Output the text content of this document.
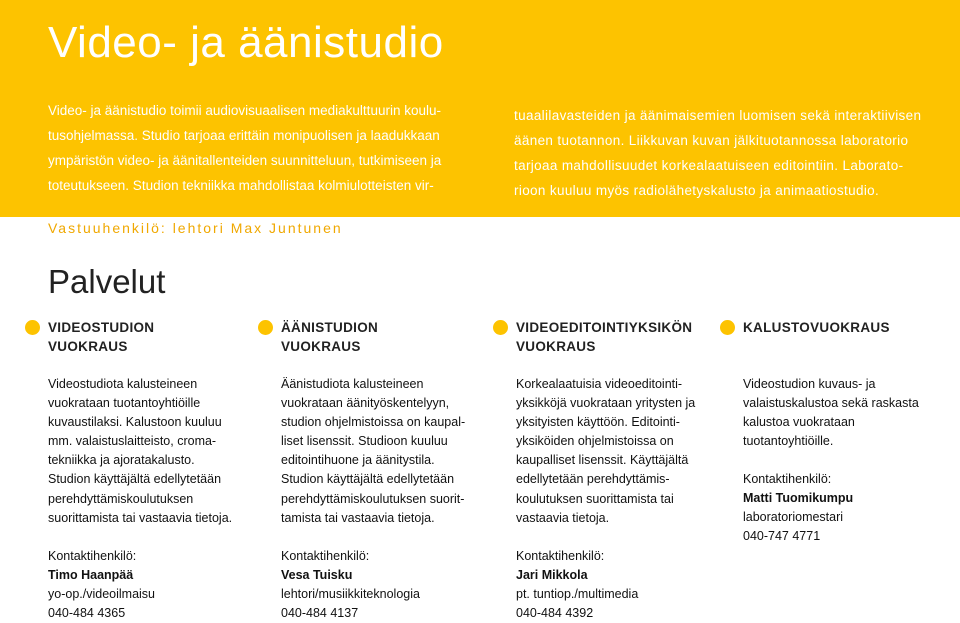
Video- ja äänistudio

Video- ja äänistudio toimii audiovisuaalisen mediakulttuurin koulu-
tusohjelmassa. Studio tarjoaa erittäin monipuolisen ja laadukkaan
ympäristön video- ja äänitallenteiden suunnitteluun, tutkimiseen ja
toteutukseen. Studion tekniikka mahdollistaa kolmiulotteisten vir-

tuaalilavasteiden ja äänimaisemien luomisen sekä interaktiivisen
äänen tuotannon. Liikkuvan kuvan jälkituotannossa laboratorio
tarjoaa mahdollisuudet korkealaatuiseen editointiin. Laborato-
rioon kuuluu myös radiolähetyskalusto ja animaatiostudio.

Vastuuhenkilö: lehtori Max Juntunen

Palvelut

VIDEOSTUDION
VUOKRAUS

Videostudiota kalusteineen
vuokrataan tuotantoyhtiöille
kuvaustilaksi. Kalustoon kuuluu
mm. valaistuslaitteisto, croma-
tekniikka ja ajoratakalusto.
Studion käyttäjältä edellytetään
perehdyttämiskoulutuksen
suorittamista tai vastaavia tietoja.

Kontaktihenkilö:

Timo Haanpää

yo-op./videoilmaisu

040-484 4365

ÄÄNISTUDION
VUOKRAUS

Äänistudiota kalusteineen
vuokrataan äänityöskentelyyn,
studion ohjelmistoissa on kaupal-
liset lisenssit. Studioon kuuluu
editointihuone ja äänitystila.
Studion käyttäjältä edellytetään
perehdyttämiskoulutuksen suorit-
tamista tai vastaavia tietoja.

Kontaktihenkilö:

Vesa Tuisku

lehtori/musiikkiteknologia

040-484 4137

VIDEOEDITOINTIYKSIKÖN
VUOKRAUS

Korkealaatuisia videoeditointi-
yksikköjä vuokrataan yritysten ja
yksityisten käyttöön. Editointi-
yksiköiden ohjelmistoissa on
kaupalliset lisenssit. Käyttäjältä
edellytetään perehdyttämis-
koulutuksen suorittamista tai
vastaavia tietoja.

Kontaktihenkilö:

Jari Mikkola

pt. tuntiop./multimedia

040-484 4392

KALUSTOVUOKRAUS

Videostudion kuvaus- ja
valaistuskalustoa sekä raskasta
kalustoa vuokrataan
tuotantoyhtiöille.

Kontaktihenkilö:

Matti Tuomikumpu

laboratoriomestari

040-747 4771
